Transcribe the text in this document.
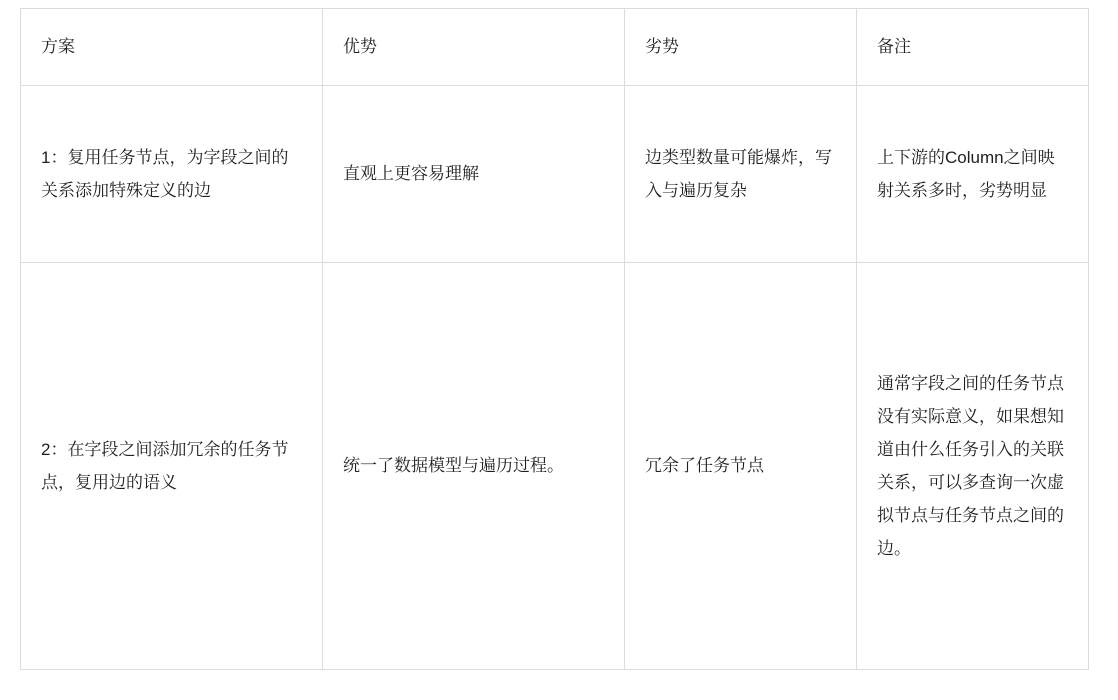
方案	优势	劣势	备注
1：复用任务节点，为字段之间的关系添加特殊定义的边	直观上更容易理解	边类型数量可能爆炸，写入与遍历复杂	上下游的Column之间映射关系多时，劣势明显
2：在字段之间添加冗余的任务节点，复用边的语义	统一了数据模型与遍历过程。	冗余了任务节点	通常字段之间的任务节点没有实际意义，如果想知道由什么任务引入的关联关系，可以多查询一次虚拟节点与任务节点之间的边。
